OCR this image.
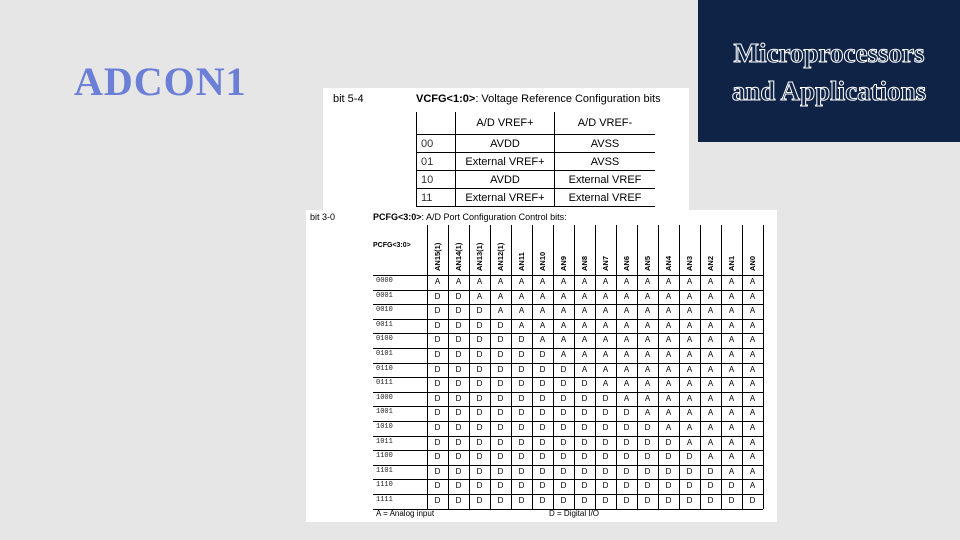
ADCON1
Microprocessors
and Applications
bit 5-4	VCFG<1:0>: Voltage Reference Configuration bits
	A/D VREF+	A/D VREF-
00	AVDD	AVSS
01	External VREF+	AVSS
10	AVDD	External VREF
11	External VREF+	External VREF
bit 3-0	PCFG<3:0>: A/D Port Configuration Control bits:
PCFG<3:0>	AN15(1) AN14(1) AN13(1) AN12(1) AN11 AN10 AN9 AN8 AN7 AN6 AN5 AN4 AN3 AN2 AN1 AN0
0000	A	A	A	A	A	A	A	A	A	A	A	A	A	A	A	A
0001	D	D	A	A	A	A	A	A	A	A	A	A	A	A	A	A
0010	D	D	D	A	A	A	A	A	A	A	A	A	A	A	A	A
0011	D	D	D	D	A	A	A	A	A	A	A	A	A	A	A	A
0100	D	D	D	D	D	A	A	A	A	A	A	A	A	A	A	A
0101	D	D	D	D	D	D	A	A	A	A	A	A	A	A	A	A
0110	D	D	D	D	D	D	D	A	A	A	A	A	A	A	A	A
0111	D	D	D	D	D	D	D	D	A	A	A	A	A	A	A	A
1000	D	D	D	D	D	D	D	D	D	A	A	A	A	A	A	A
1001	D	D	D	D	D	D	D	D	D	D	A	A	A	A	A	A
1010	D	D	D	D	D	D	D	D	D	D	D	A	A	A	A	A
1011	D	D	D	D	D	D	D	D	D	D	D	D	A	A	A	A
1100	D	D	D	D	D	D	D	D	D	D	D	D	D	A	A	A
1101	D	D	D	D	D	D	D	D	D	D	D	D	D	D	A	A
1110	D	D	D	D	D	D	D	D	D	D	D	D	D	D	D	A
1111	D	D	D	D	D	D	D	D	D	D	D	D	D	D	D	D
A = Analog input	D = Digital I/O
